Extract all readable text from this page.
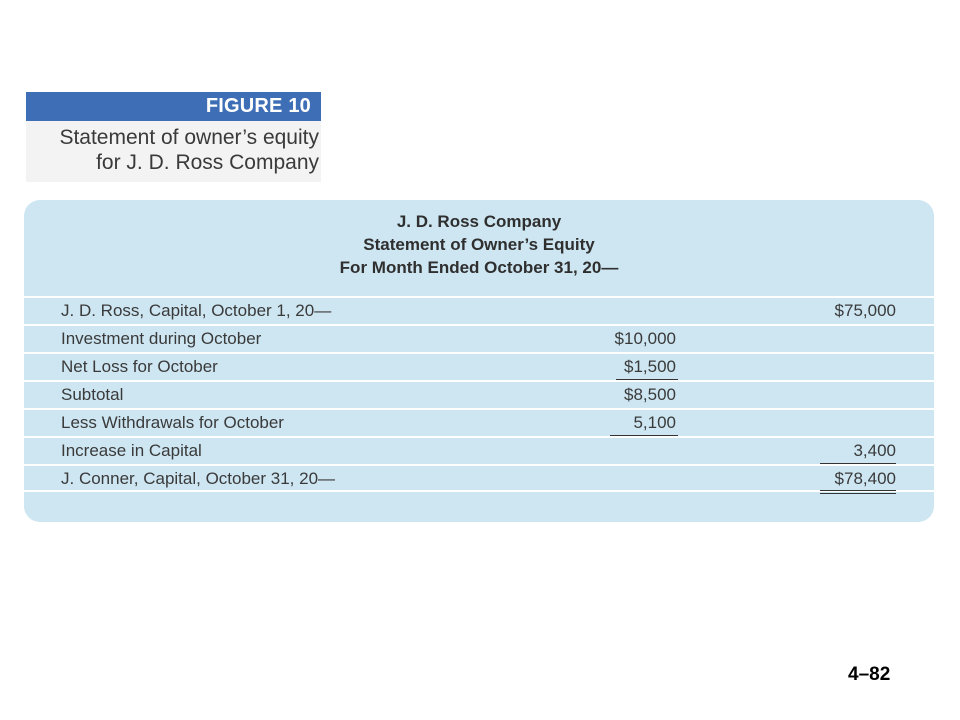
FIGURE 10
Statement of owner’s equity
for J. D. Ross Company
J. D. Ross Company
Statement of Owner’s Equity
For Month Ended October 31, 20—
J. D. Ross, Capital, October 1, 20—	$75,000
Investment during October	$10,000
Net Loss for October	$1,500
Subtotal	$8,500
Less Withdrawals for October	5,100
Increase in Capital	3,400
J. Conner, Capital, October 31, 20—	$78,400
4–82
